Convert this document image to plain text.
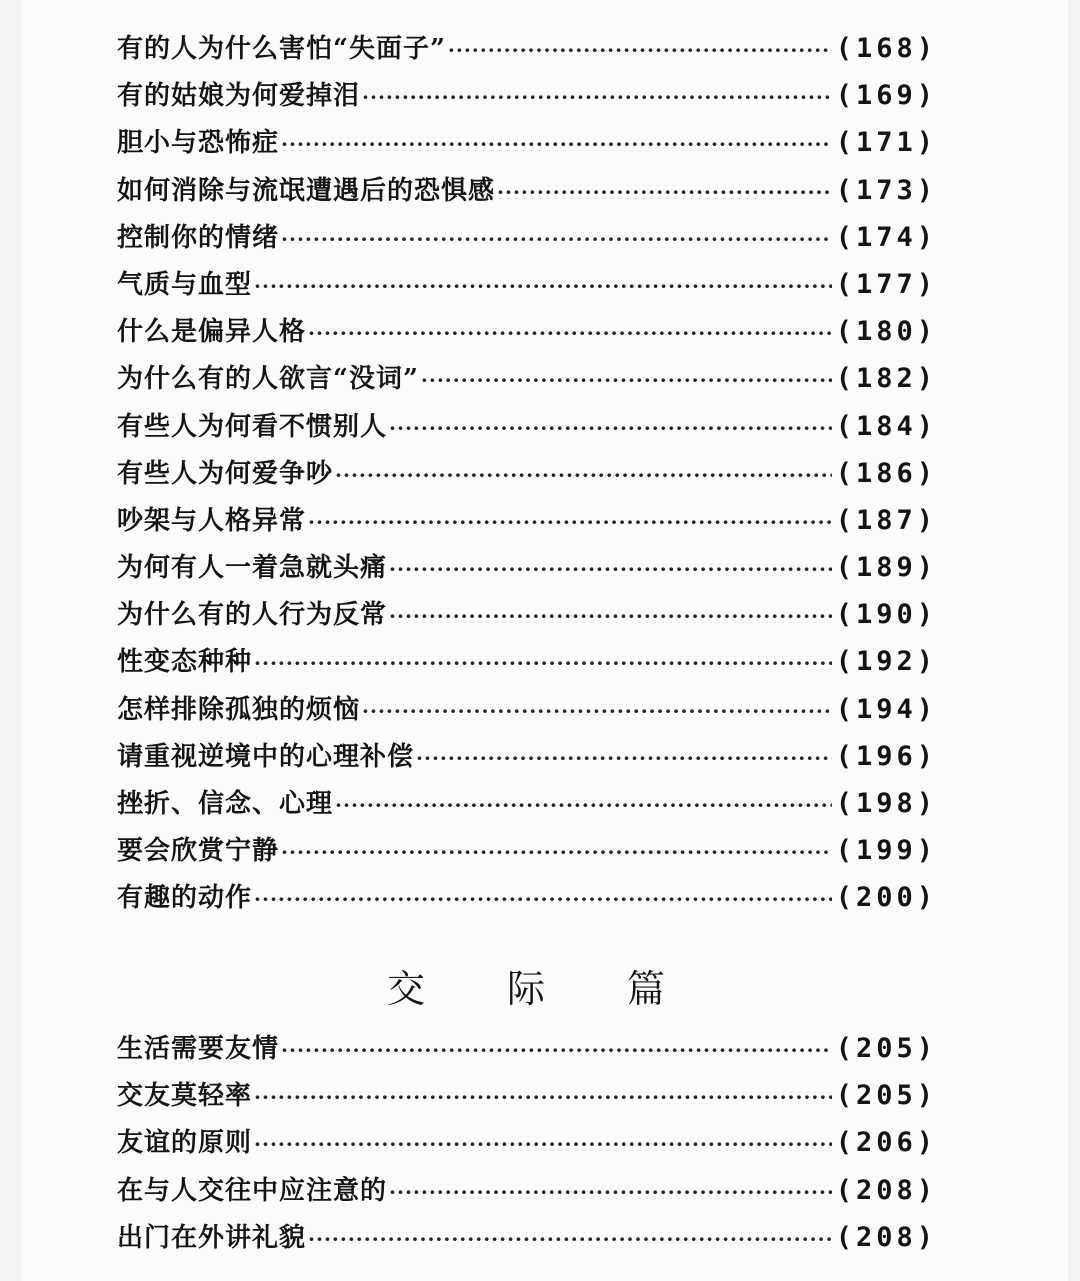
有的人为什么害怕“失面子” ·····	(168)
有的姑娘为何爱掉泪 ·····	(169)
胆小与恐怖症 ·····	(171)
如何消除与流氓遭遇后的恐惧感 ·····	(173)
控制你的情绪 ·····	(174)
气质与血型 ·····	(177)
什么是偏异人格 ·····	(180)
为什么有的人欲言“没词” ·····	(182)
有些人为何看不惯别人 ·····	(184)
有些人为何爱争吵 ·····	(186)
吵架与人格异常 ·····	(187)
为何有人一着急就头痛 ·····	(189)
为什么有的人行为反常 ·····	(190)
性变态种种 ·····	(192)
怎样排除孤独的烦恼 ·····	(194)
请重视逆境中的心理补偿 ·····	(196)
挫折、信念、心理 ·····	(198)
要会欣赏宁静 ·····	(199)
有趣的动作 ·····	(200)
交际篇
生活需要友情 ·····	(205)
交友莫轻率 ·····	(205)
友谊的原则 ·····	(206)
在与人交往中应注意的 ·····	(208)
出门在外讲礼貌 ·····	(208)
